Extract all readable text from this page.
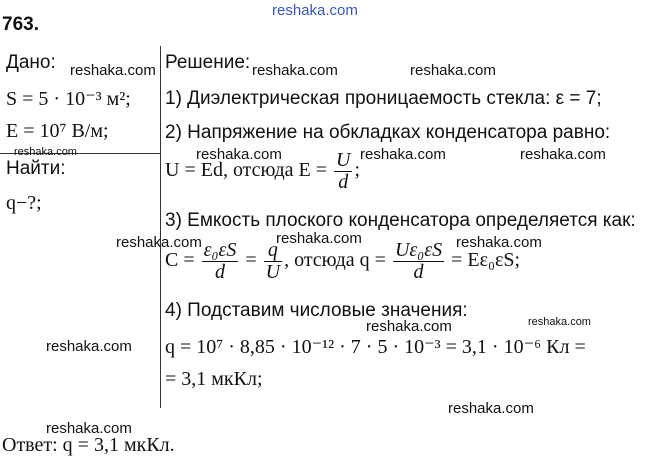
763.
reshaka.com
Дано:
S = 5 · 10⁻³ м²;
E = 10⁷ В/м;
Найти:
q−?;
Решение:
1) Диэлектрическая проницаемость стекла: ε = 7;
2) Напряжение на обкладках конденсатора равно:
U = Ed, отсюда $E = \frac{U}{d}$ ;
3) Емкость плоского конденсатора определяется как:
$C = \frac{\text{ε₀εS}}{d} = \frac{q}{U}$ , отсюда $q = \frac{\text{Uε₀εS}}{d} = E\varepsilon_0\varepsilon S$;
4) Подставим числовые значения:
q = 10⁷ · 8,85 · 10⁻¹² · 7 · 5 · 10⁻³ = 3,1 · 10⁻⁶ Кл =
= 3,1 мкКл;
Ответ: q = 3,1 мкКл.
reshaka.com	reshaka.com	reshaka.com
reshaka.com	reshaka.com	reshaka.com	reshaka.com
reshaka.com	reshaka.com	reshaka.com
reshaka.com	reshaka.com
reshaka.com
reshaka.com
reshaka.com
